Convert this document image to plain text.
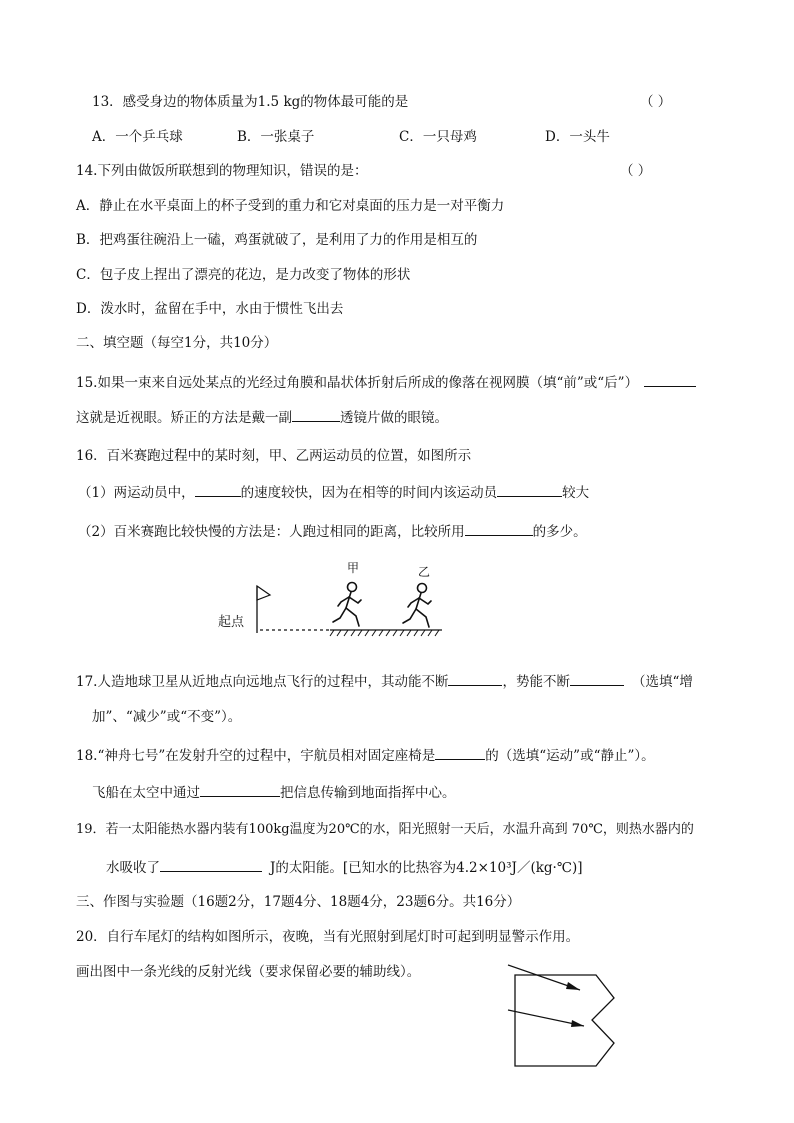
13．感受身边的物体质量为1.5 kg的物体最可能的是	（ ）
A．一个乒乓球	B．一张桌子	C．一只母鸡	D．一头牛
14.下列由做饭所联想到的物理知识，错误的是：	（ ）
A．静止在水平桌面上的杯子受到的重力和它对桌面的压力是一对平衡力
B．把鸡蛋往碗沿上一磕，鸡蛋就破了，是利用了力的作用是相互的
C．包子皮上捏出了漂亮的花边，是力改变了物体的形状
D．泼水时，盆留在手中，水由于惯性飞出去
二、填空题（每空1分，共10分）
15.如果一束来自远处某点的光经过角膜和晶状体折射后所成的像落在视网膜（填“前”或“后”）
这就是近视眼。矫正的方法是戴一副	透镜片做的眼镜。
16．百米赛跑过程中的某时刻，甲、乙两运动员的位置，如图所示
（1）两运动员中，	的速度较快，因为在相等的时间内该运动员	较大
（2）百米赛跑比较快慢的方法是：人跑过相同的距离，比较所用	的多少。
起点
甲	乙
17.人造地球卫星从近地点向远地点飞行的过程中，其动能不断	，势能不断	（选填“增
加”、“减少”或“不变”）。
18.“神舟七号”在发射升空的过程中，宇航员相对固定座椅是	的（选填“运动”或“静止”）。
飞船在太空中通过	把信息传输到地面指挥中心。
19．若一太阳能热水器内装有100kg温度为20℃的水，阳光照射一天后，水温升高到 70℃，则热水器内的
水吸收了	J的太阳能。[已知水的比热容为4.2×10³J／(kg·℃)]
三、作图与实验题（16题2分，17题4分、18题4分，23题6分。共16分）
20．自行车尾灯的结构如图所示，夜晚，当有光照射到尾灯时可起到明显警示作用。
画出图中一条光线的反射光线（要求保留必要的辅助线）。
